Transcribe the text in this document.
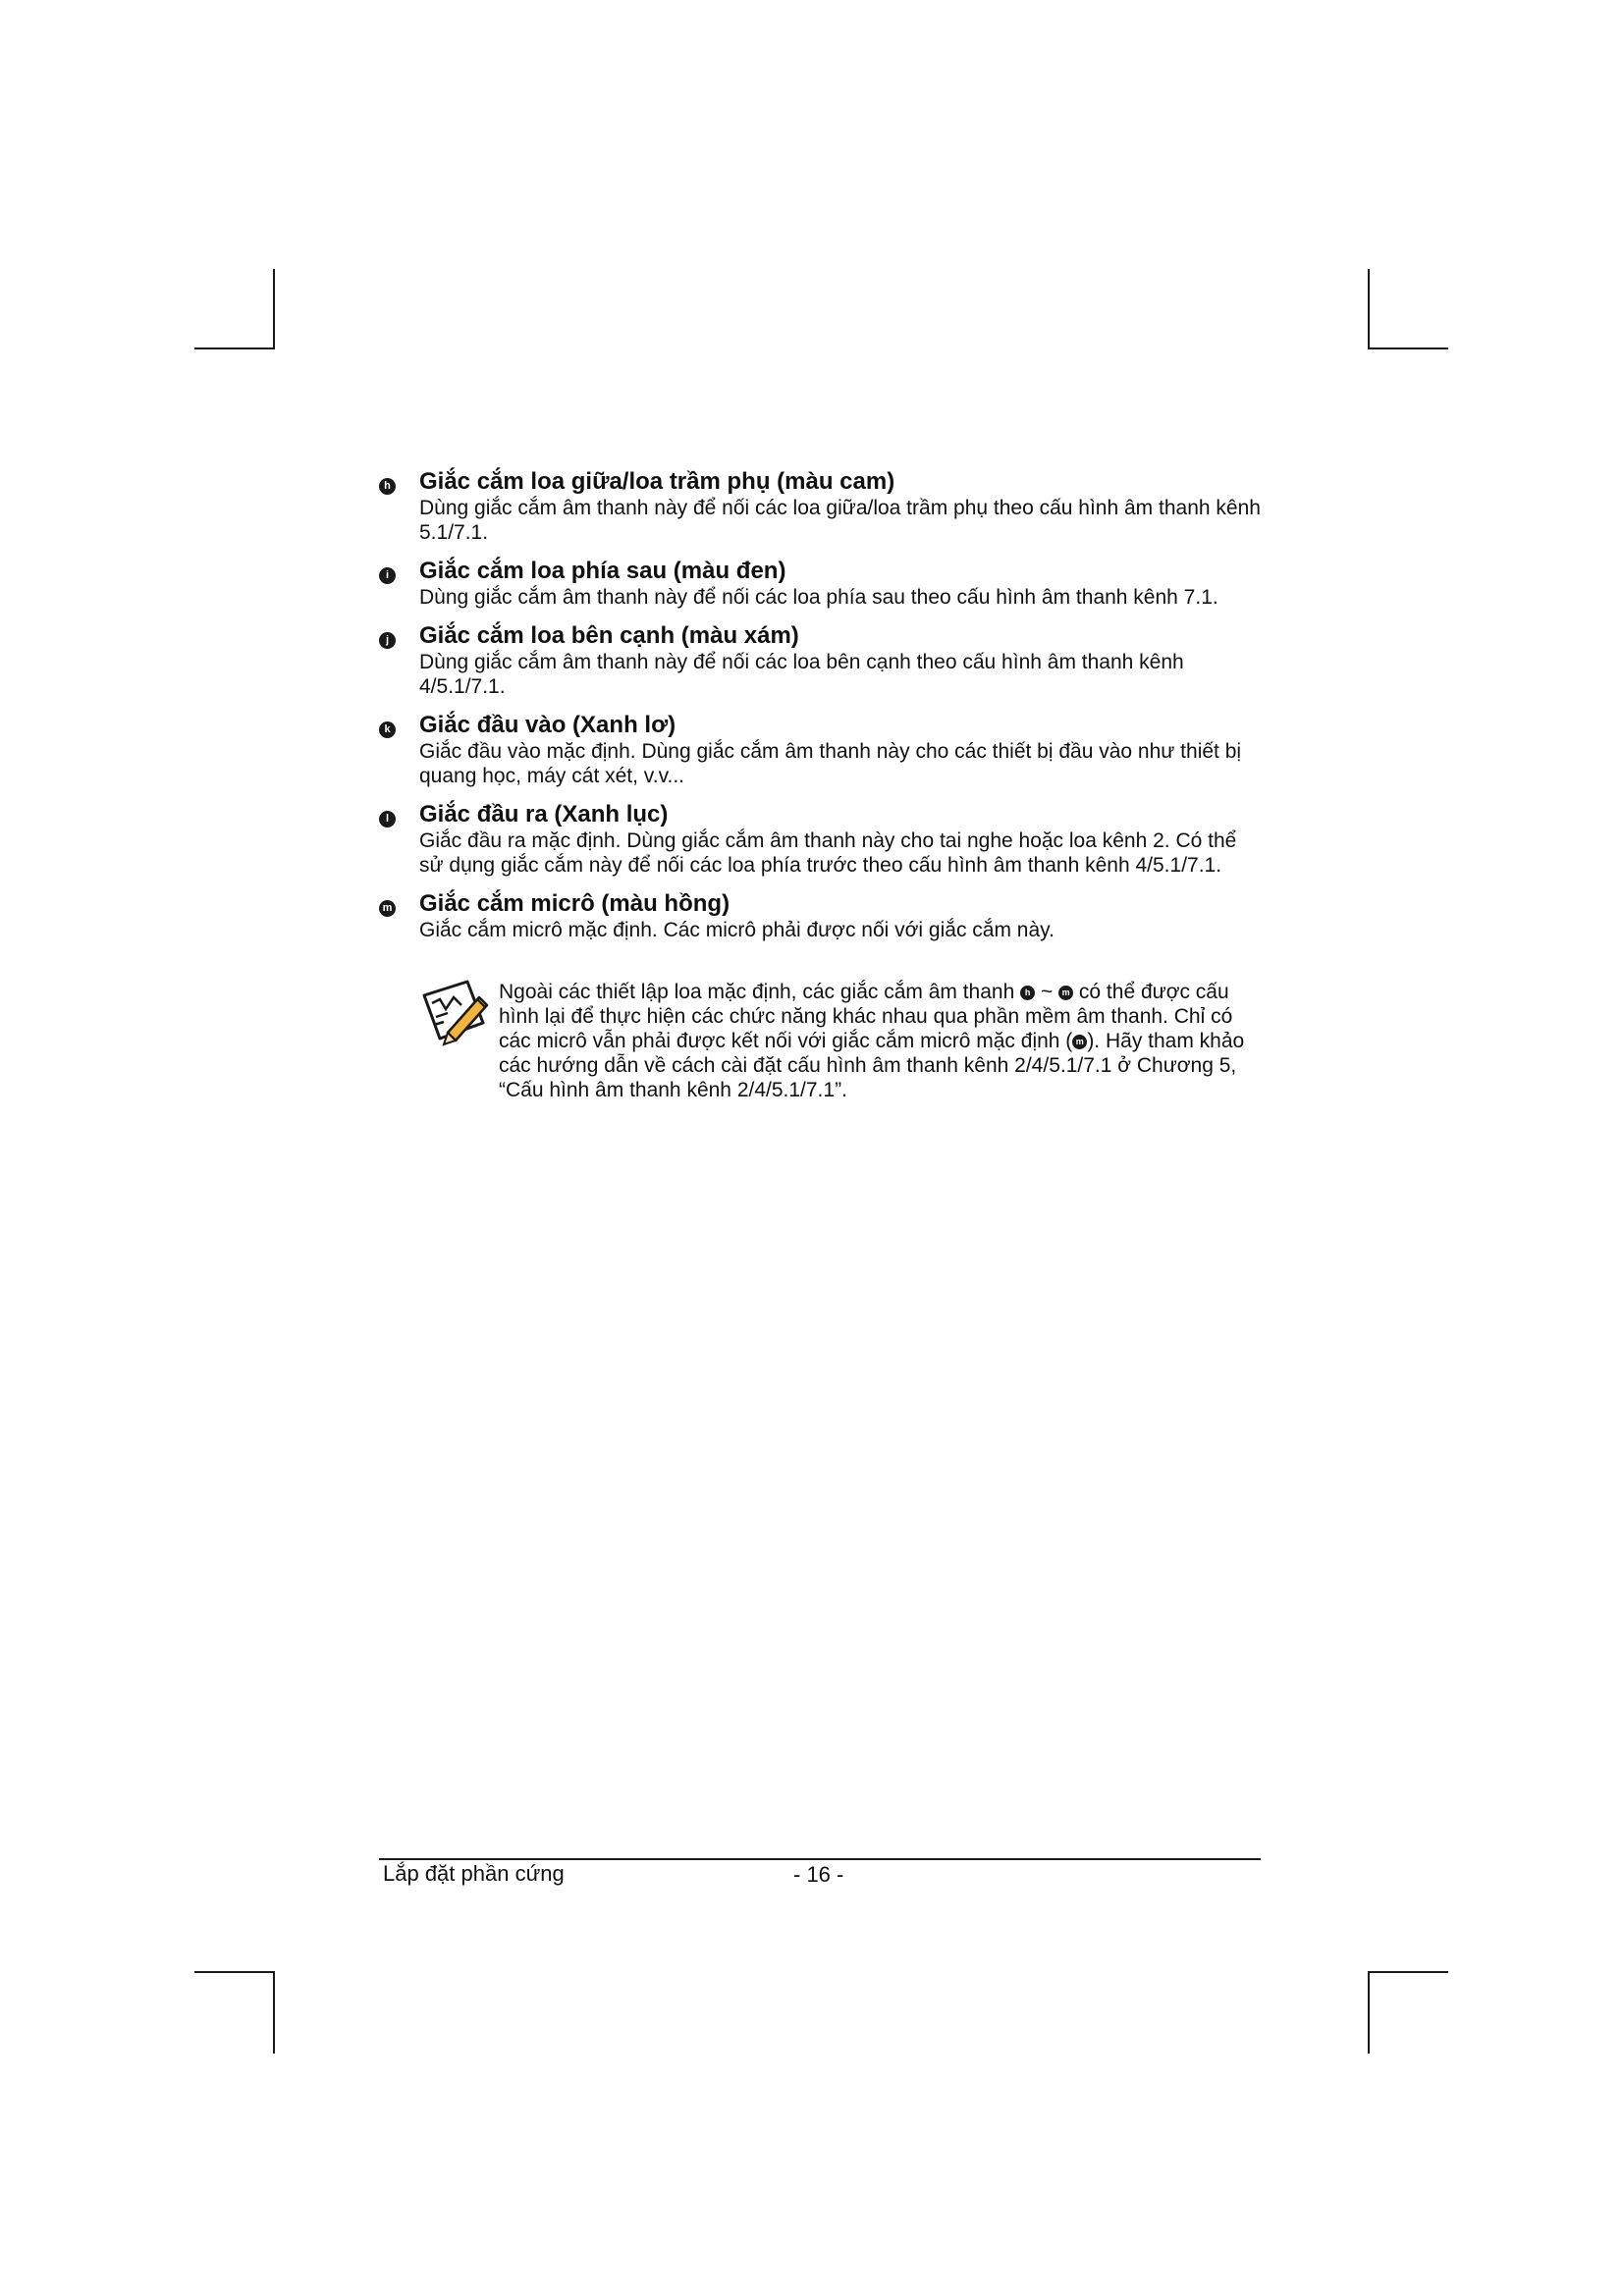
h Giắc cắm loa giữa/loa trầm phụ (màu cam)

Dùng giắc cắm âm thanh này để nối các loa giữa/loa trầm phụ theo cấu hình âm thanh kênh 5.1/7.1.

i Giắc cắm loa phía sau (màu đen)

Dùng giắc cắm âm thanh này để nối các loa phía sau theo cấu hình âm thanh kênh 7.1.

j Giắc cắm loa bên cạnh (màu xám)

Dùng giắc cắm âm thanh này để nối các loa bên cạnh theo cấu hình âm thanh kênh 4/5.1/7.1.

k Giắc đầu vào (Xanh lơ)

Giắc đầu vào mặc định. Dùng giắc cắm âm thanh này cho các thiết bị đầu vào như thiết bị quang học, máy cát xét, v.v...

l Giắc đầu ra (Xanh lục)

Giắc đầu ra mặc định. Dùng giắc cắm âm thanh này cho tai nghe hoặc loa kênh 2. Có thể sử dụng giắc cắm này để nối các loa phía trước theo cấu hình âm thanh kênh 4/5.1/7.1.

m Giắc cắm micrô (màu hồng)

Giắc cắm micrô mặc định. Các micrô phải được nối với giắc cắm này.

Ngoài các thiết lập loa mặc định, các giắc cắm âm thanh h ~ m có thể được cấu hình lại để thực hiện các chức năng khác nhau qua phần mềm âm thanh. Chỉ có các micrô vẫn phải được kết nối với giắc cắm micrô mặc định ( m ). Hãy tham khảo các hướng dẫn về cách cài đặt cấu hình âm thanh kênh 2/4/5.1/7.1 ở Chương 5, “Cấu hình âm thanh kênh 2/4/5.1/7.1”.
Lắp đặt phần cứng	- 16 -
